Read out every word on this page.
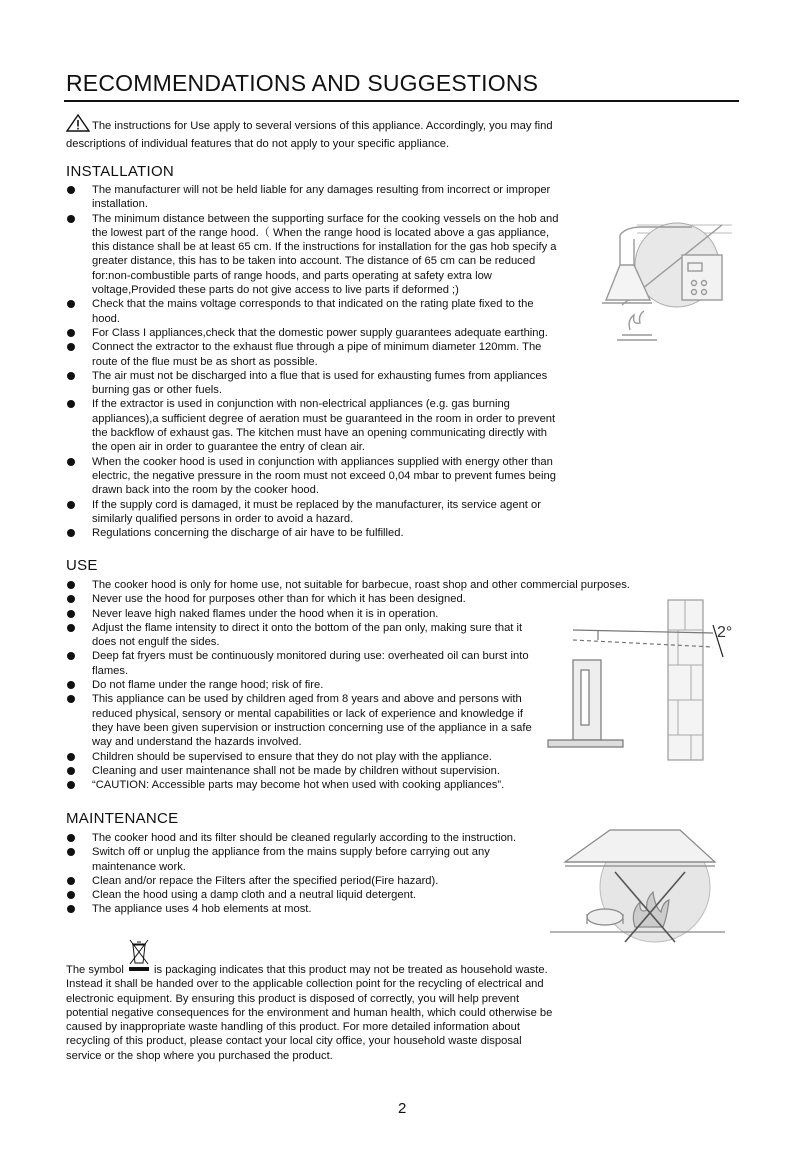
RECOMMENDATIONS AND SUGGESTIONS
The instructions for Use apply to several versions of this appliance. Accordingly, you may find descriptions of individual features that do not apply to your specific appliance.
INSTALLATION
The manufacturer will not be held liable for any damages resulting from incorrect or improper installation.
The minimum distance between the supporting surface for the cooking vessels on the hob and the lowest part of the range hood.（ When the range hood is located above a gas appliance, this distance shall be at least 65 cm. If the instructions for installation for the gas hob specify a greater distance, this has to be taken into account. The distance of 65 cm can be reduced for:non-combustible parts of range hoods, and parts operating at safety extra low voltage,Provided these parts do not give access to live parts if deformed ;)
Check that the mains voltage corresponds to that indicated on the rating plate fixed to the hood.
For Class I appliances,check that the domestic power supply guarantees adequate earthing.
Connect the extractor to the exhaust flue through a pipe of minimum diameter 120mm. The route of the flue must be as short as possible.
The air must not be discharged into a flue that is used for exhausting fumes from appliances burning gas or other fuels.
If the extractor is used in conjunction with non-electrical appliances (e.g. gas burning appliances),a sufficient degree of aeration must be guaranteed in the room in order to prevent the backflow of exhaust gas. The kitchen must have an opening communicating directly with the open air in order to guarantee the entry of clean air.
When the cooker hood is used in conjunction with appliances supplied with energy other than electric, the negative pressure in the room must not exceed 0,04 mbar to prevent fumes being drawn back into the room by the cooker hood.
If the supply cord is damaged, it must be replaced by the manufacturer, its service agent or similarly qualified persons in order to avoid a hazard.
Regulations concerning the discharge of air have to be fulfilled.
USE
The cooker hood is only for home use, not suitable for barbecue, roast shop and other commercial purposes.
Never use the hood for purposes other than for which it has been designed.
Never leave high naked flames under the hood when it is in operation.
Adjust the flame intensity to direct it onto the bottom of the pan only, making sure that it does not engulf the sides.
Deep fat fryers must be continuously monitored during use: overheated oil can burst into flames.
Do not flame under the range hood; risk of fire.
This appliance can be used by children aged from 8 years and above and persons with reduced physical, sensory or mental capabilities or lack of experience and knowledge if they have been given supervision or instruction concerning use of the appliance in a safe way and understand the hazards involved.
Children should be supervised to ensure that they do not play with the appliance.
Cleaning and user maintenance shall not be made by children without supervision.
“CAUTION: Accessible parts may become hot when used with cooking appliances”.
2°
MAINTENANCE
The cooker hood and its filter should be cleaned regularly according to the instruction.
Switch off or unplug the appliance from the mains supply before carrying out any maintenance work.
Clean and/or repace the Filters after the specified period(Fire hazard).
Clean the hood using a damp cloth and a neutral liquid detergent.
The appliance uses 4 hob elements at most.
The symbol	is packaging indicates that this product may not be treated as household waste. Instead it shall be handed over to the applicable collection point for the recycling of electrical and electronic equipment. By ensuring this product is disposed of correctly, you will help prevent potential negative consequences for the environment and human health, which could otherwise be caused by inappropriate waste handling of this product. For more detailed information about recycling of this product, please contact your local city office, your household waste disposal service or the shop where you purchased the product.
2
